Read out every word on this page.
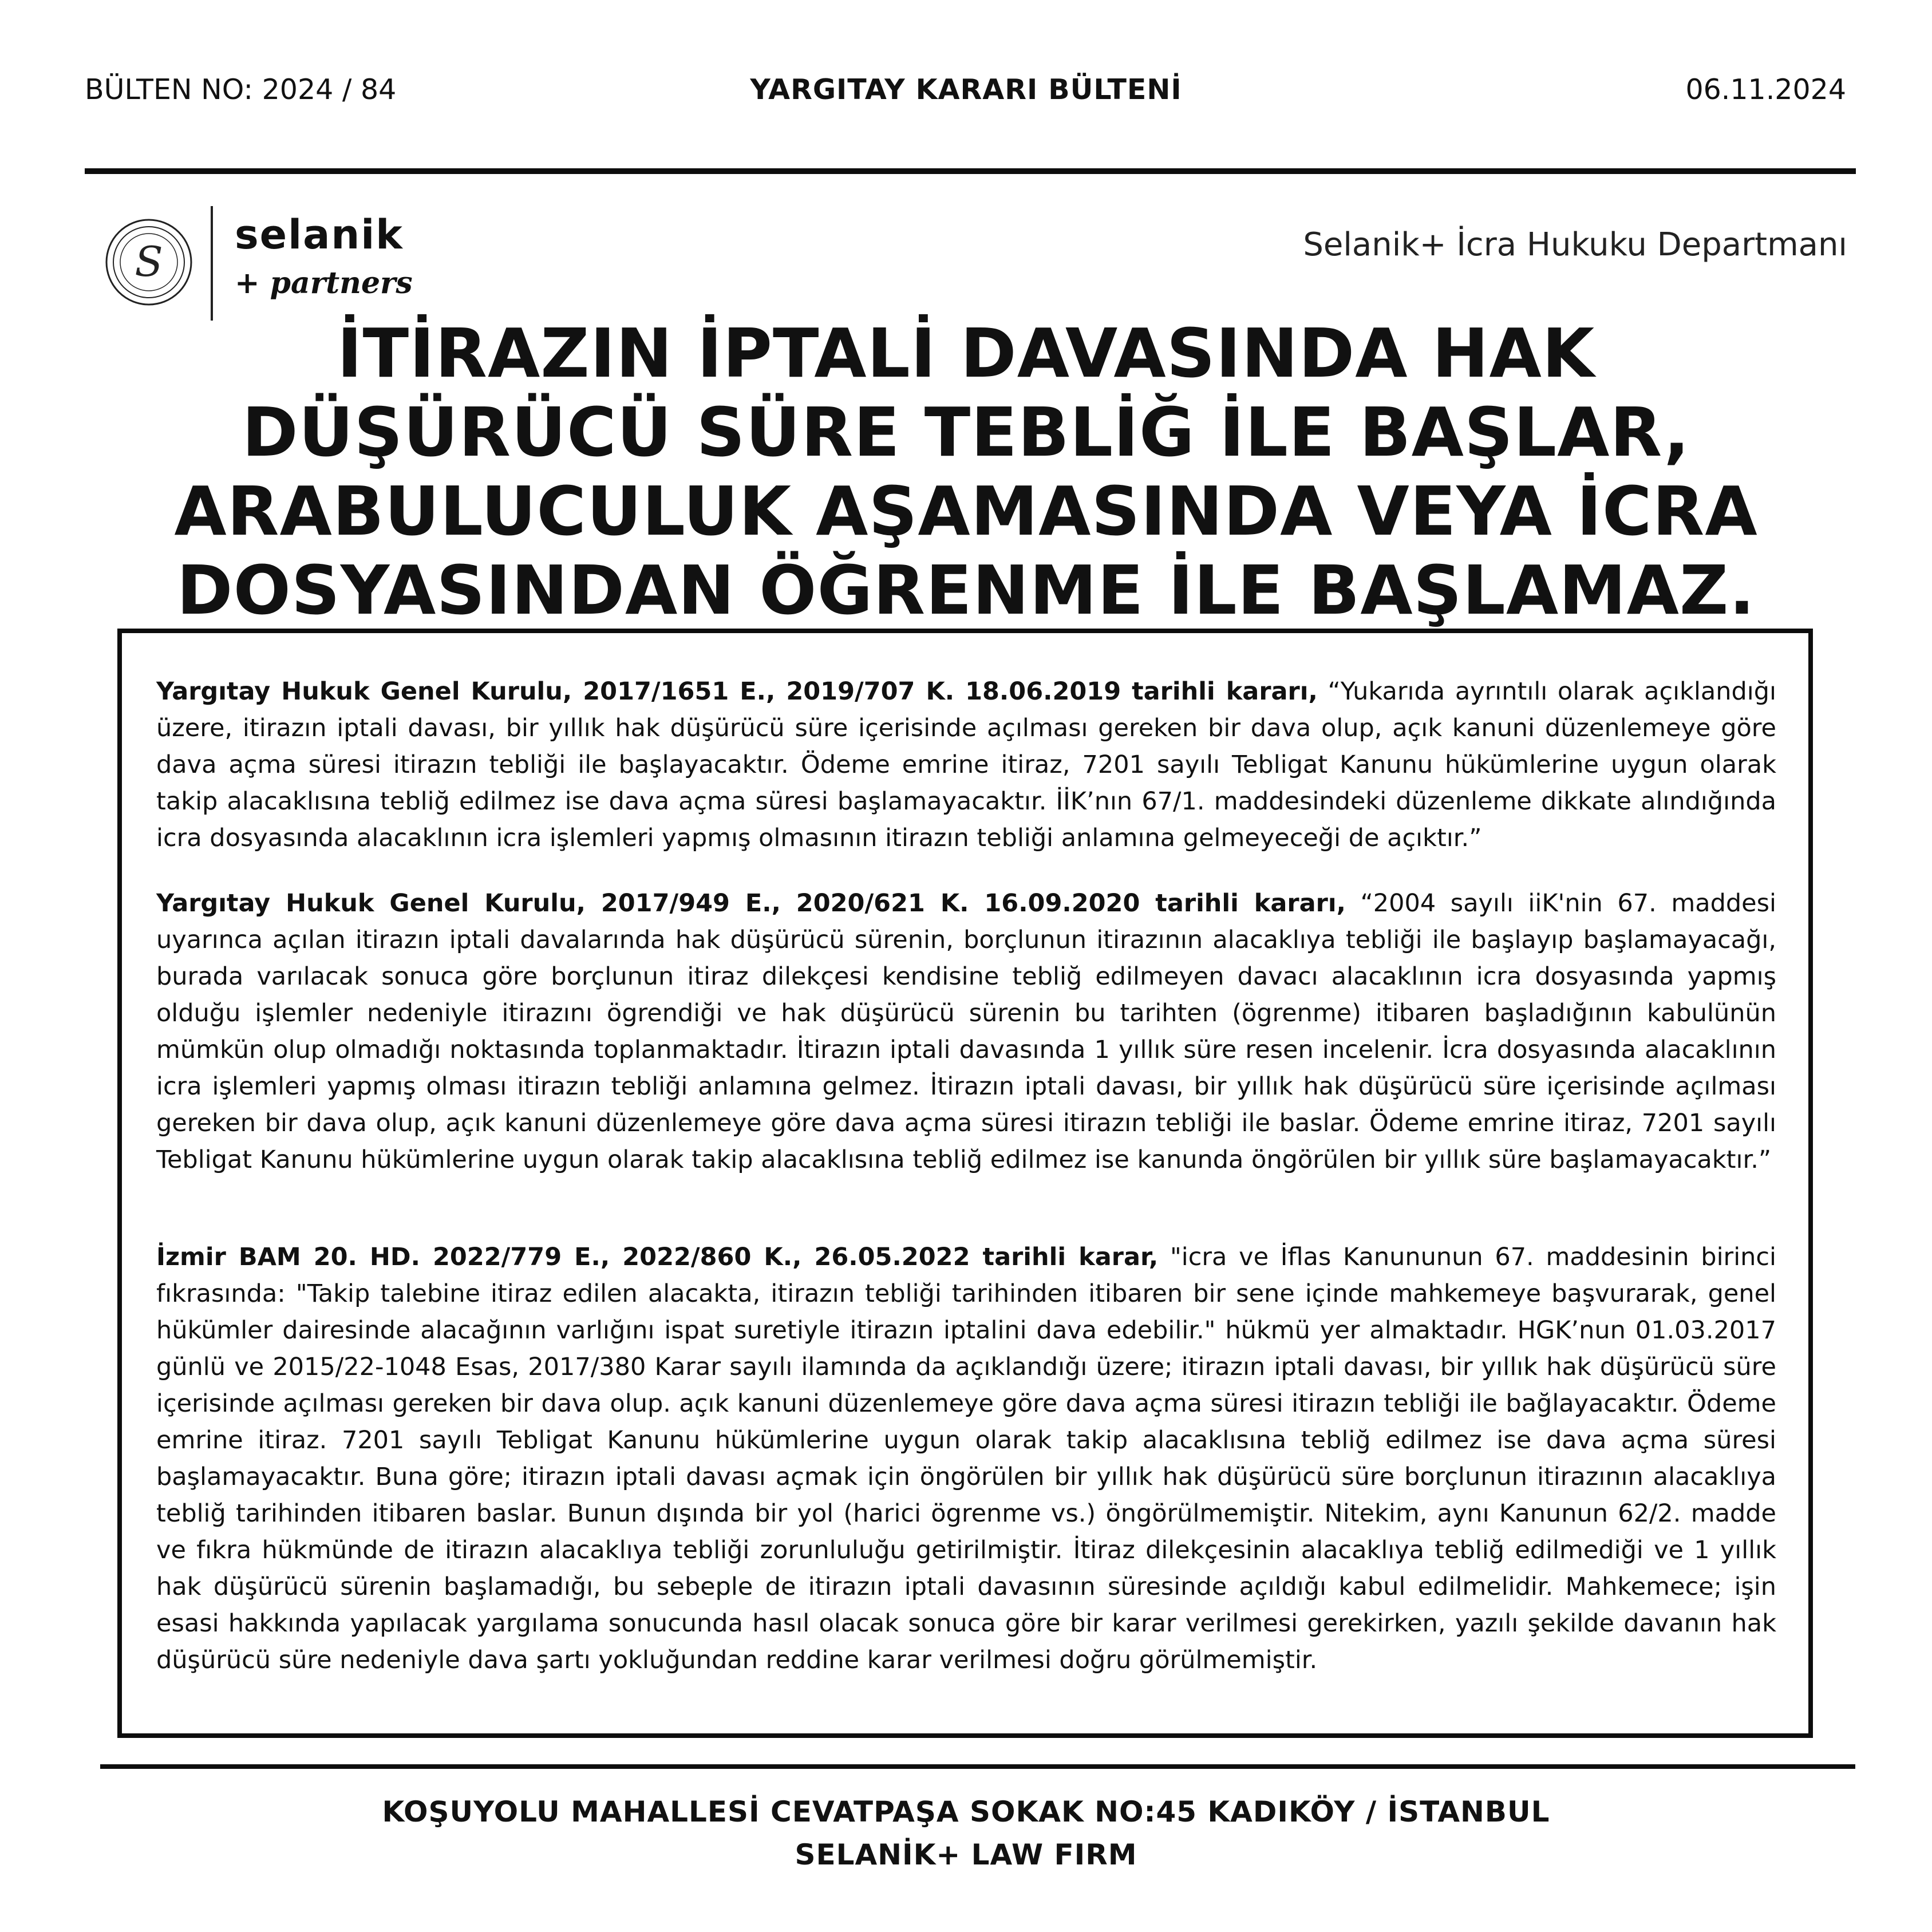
BÜLTEN NO: 2024 / 84	YARGITAY KARARI BÜLTENİ	06.11.2024
S
selanik
+ partners
Selanik+ İcra Hukuku Departmanı
İTİRAZIN İPTALİ DAVASINDA HAK
DÜŞÜRÜCÜ SÜRE TEBLİĞ İLE BAŞLAR,
ARABULUCULUK AŞAMASINDA VEYA İCRA
DOSYASINDAN ÖĞRENME İLE BAŞLAMAZ.

Yargıtay Hukuk Genel Kurulu, 2017/1651 E., 2019/707 K. 18.06.2019 tarihli kararı, “Yukarıda ayrıntılı olarak açıklandığı üzere, itirazın iptali davası, bir yıllık hak düşürücü süre içerisinde açılması gereken bir dava olup, açık kanuni düzenlemeye göre dava açma süresi itirazın tebliği ile başlayacaktır. Ödeme emrine itiraz, 7201 sayılı Tebligat Kanunu hükümlerine uygun olarak takip alacaklısına tebliğ edilmez ise dava açma süresi başlamayacaktır. İİK’nın 67/1. maddesindeki düzenleme dikkate alındığında icra dosyasında alacaklının icra işlemleri yapmış olmasının itirazın tebliği anlamına gelmeyeceği de açıktır.”

Yargıtay Hukuk Genel Kurulu, 2017/949 E., 2020/621 K. 16.09.2020 tarihli kararı, “2004 sayılı iiK'nin 67. maddesi uyarınca açılan itirazın iptali davalarında hak düşürücü sürenin, borçlunun itirazının alacaklıya tebliği ile başlayıp başlamayacağı, burada varılacak sonuca göre borçlunun itiraz dilekçesi kendisine tebliğ edilmeyen davacı alacaklının icra dosyasında yapmış olduğu işlemler nedeniyle itirazını ögrendiği ve hak düşürücü sürenin bu tarihten (ögrenme) itibaren başladığının kabulünün mümkün olup olmadığı noktasında toplanmaktadır. İtirazın iptali davasında 1 yıllık süre resen incelenir. İcra dosyasında alacaklının icra işlemleri yapmış olması itirazın tebliği anlamına gelmez. İtirazın iptali davası, bir yıllık hak düşürücü süre içerisinde açılması gereken bir dava olup, açık kanuni düzenlemeye göre dava açma süresi itirazın tebliği ile baslar. Ödeme emrine itiraz, 7201 sayılı Tebligat Kanunu hükümlerine uygun olarak takip alacaklısına tebliğ edilmez ise kanunda öngörülen bir yıllık süre başlamayacaktır.”

İzmir BAM 20. HD. 2022/779 E., 2022/860 K., 26.05.2022 tarihli karar, "icra ve İflas Kanununun 67. maddesinin birinci fıkrasında: "Takip talebine itiraz edilen alacakta, itirazın tebliği tarihinden itibaren bir sene içinde mahkemeye başvurarak, genel hükümler dairesinde alacağının varlığını ispat suretiyle itirazın iptalini dava edebilir." hükmü yer almaktadır. HGK’nun 01.03.2017 günlü ve 2015/22-1048 Esas, 2017/380 Karar sayılı ilamında da açıklandığı üzere; itirazın iptali davası, bir yıllık hak düşürücü süre içerisinde açılması gereken bir dava olup. açık kanuni düzenlemeye göre dava açma süresi itirazın tebliği ile bağlayacaktır. Ödeme emrine itiraz. 7201 sayılı Tebligat Kanunu hükümlerine uygun olarak takip alacaklısına tebliğ edilmez ise dava açma süresi başlamayacaktır. Buna göre; itirazın iptali davası açmak için öngörülen bir yıllık hak düşürücü süre borçlunun itirazının alacaklıya tebliğ tarihinden itibaren baslar. Bunun dışında bir yol (harici ögrenme vs.) öngörülmemiştir. Nitekim, aynı Kanunun 62/2. madde ve fıkra hükmünde de itirazın alacaklıya tebliği zorunluluğu getirilmiştir. İtiraz dilekçesinin alacaklıya tebliğ edilmediği ve 1 yıllık hak düşürücü sürenin başlamadığı, bu sebeple de itirazın iptali davasının süresinde açıldığı kabul edilmelidir. Mahkemece; işin esasi hakkında yapılacak yargılama sonucunda hasıl olacak sonuca göre bir karar verilmesi gerekirken, yazılı şekilde davanın hak düşürücü süre nedeniyle dava şartı yokluğundan reddine karar verilmesi doğru görülmemiştir.

KOŞUYOLU MAHALLESİ CEVATPAŞA SOKAK NO:45 KADIKÖY / İSTANBUL
SELANİK+ LAW FIRM
